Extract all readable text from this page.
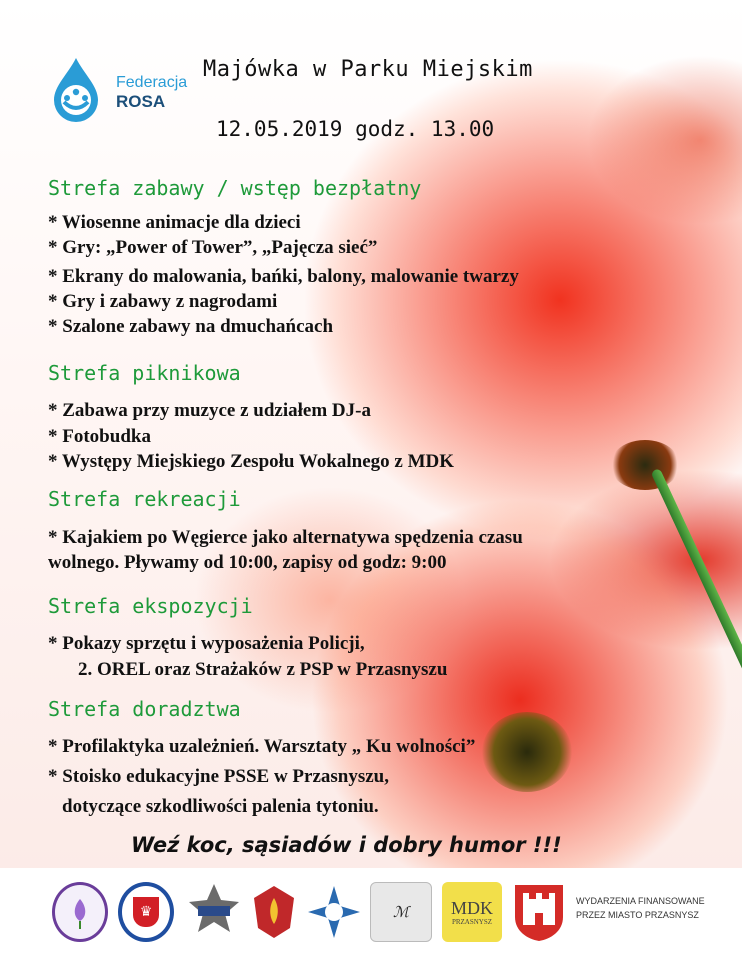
Federacja
ROSA
Majówka w Parku Miejskim
12.05.2019 godz. 13.00
Strefa zabawy / wstęp bezpłatny
* Wiosenne animacje dla dzieci
* Gry: „Power of Tower”, „Pajęcza sieć”
* Ekrany do malowania, bańki, balony, malowanie twarzy
* Gry i zabawy z nagrodami
* Szalone zabawy na dmuchańcach
Strefa piknikowa
* Zabawa przy muzyce z udziałem DJ-a
* Fotobudka
* Występy Miejskiego Zespołu Wokalnego z MDK
Strefa rekreacji
* Kajakiem po Węgierce jako alternatywa spędzenia czasu
wolnego. Pływamy od 10:00, zapisy od godz: 9:00
Strefa ekspozycji
* Pokazy sprzętu i wyposażenia Policji,
2. OREL oraz Strażaków z PSP w Przasnyszu
Strefa doradztwa
* Profilaktyka uzależnień. Warsztaty „ Ku wolności”
* Stoisko edukacyjne PSSE w Przasnyszu,
dotyczące szkodliwości palenia tytoniu.
Weź koc, sąsiadów i dobry humor !!!
♛	ℳ MDK
PRZASNYSZ
WYDARZENIA FINANSOWANE
PRZEZ MIASTO PRZASNYSZ
